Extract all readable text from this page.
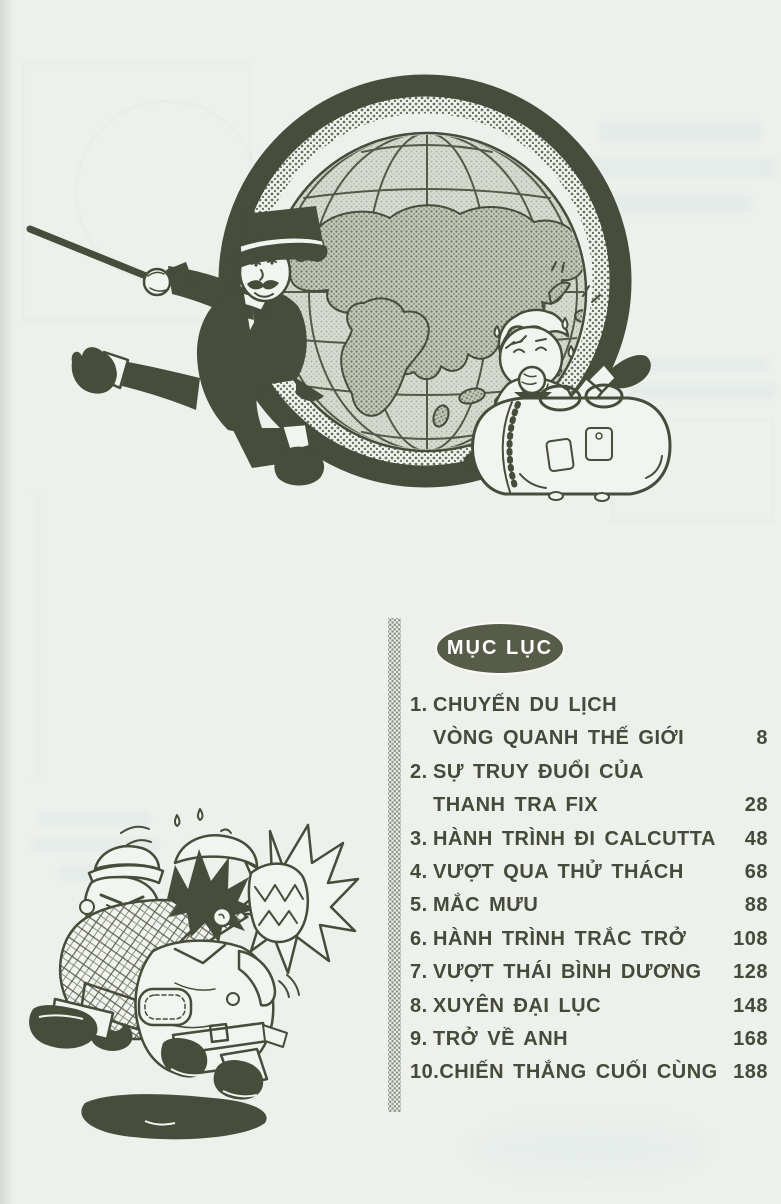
MỤC LỤC
1. CHUYẾN DU LỊCH
VÒNG QUANH THẾ GIỚI	8
2. SỰ TRUY ĐUỔI CỦA
THANH TRA FIX	28
3. HÀNH TRÌNH ĐI CALCUTTA	48
4. VƯỢT QUA THỬ THÁCH	68
5. MẮC MƯU	88
6. HÀNH TRÌNH TRẮC TRỞ	108
7. VƯỢT THÁI BÌNH DƯƠNG	128
8. XUYÊN ĐẠI LỤC	148
9. TRỞ VỀ ANH	168
10. CHIẾN THẮNG CUỐI CÙNG 188
